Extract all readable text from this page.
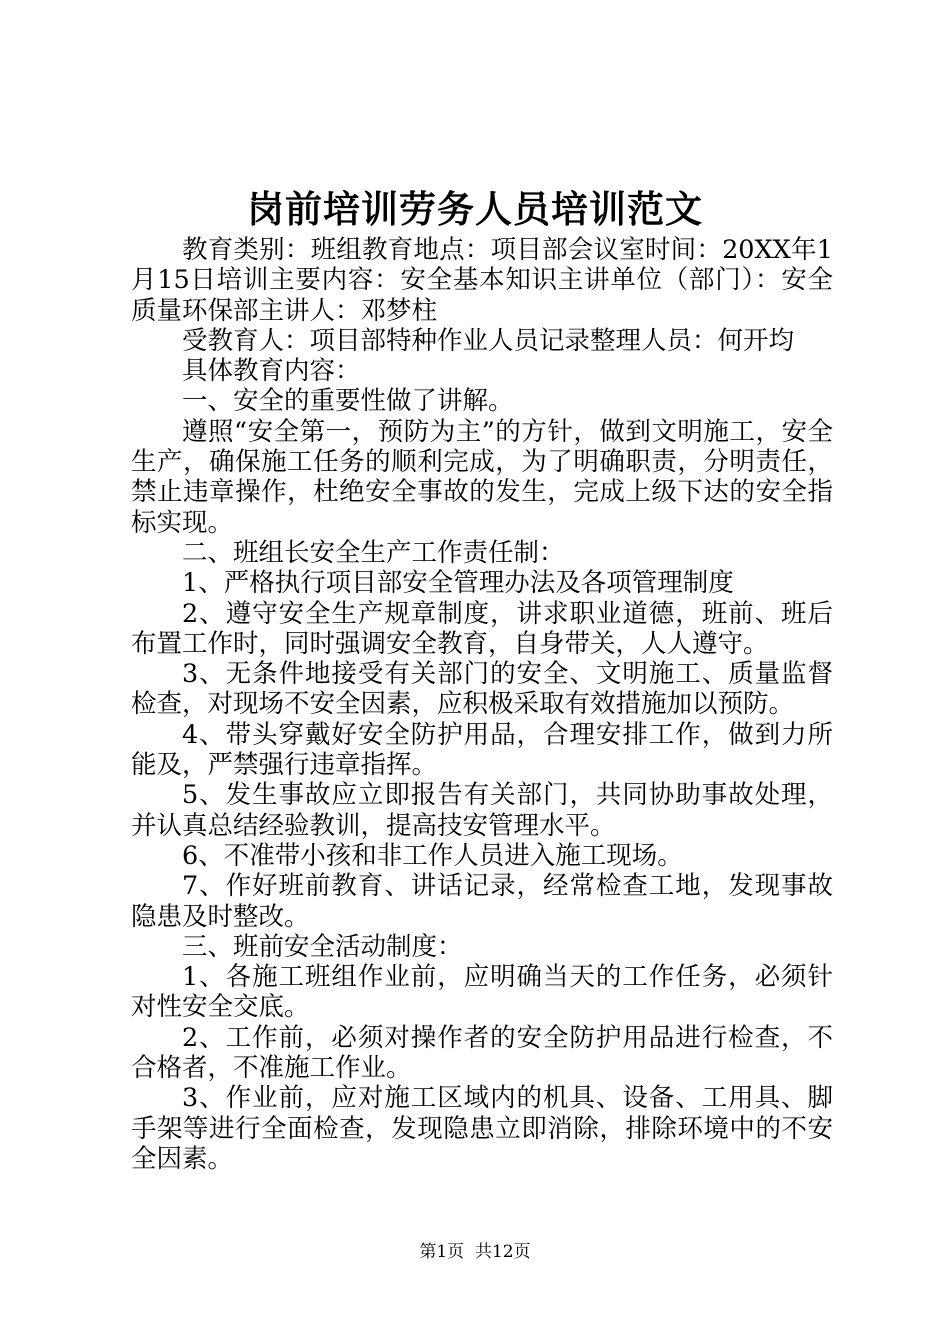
岗前培训劳务人员培训范文

教育类别：班组教育地点：项目部会议室时间：20XX年1月15日培训主要内容：安全基本知识主讲单位（部门）：安全质量环保部主讲人：邓梦柱

受教育人：项目部特种作业人员记录整理人员：何开均

具体教育内容：

一、安全的重要性做了讲解。

遵照“安全第一，预防为主”的方针，做到文明施工，安全生产，确保施工任务的顺利完成，为了明确职责，分明责任，禁止违章操作，杜绝安全事故的发生，完成上级下达的安全指标实现。

二、班组长安全生产工作责任制：

1、严格执行项目部安全管理办法及各项管理制度

2、遵守安全生产规章制度，讲求职业道德，班前、班后布置工作时，同时强调安全教育，自身带关，人人遵守。

3、无条件地接受有关部门的安全、文明施工、质量监督检查，对现场不安全因素，应积极采取有效措施加以预防。

4、带头穿戴好安全防护用品，合理安排工作，做到力所能及，严禁强行违章指挥。

5、发生事故应立即报告有关部门，共同协助事故处理，并认真总结经验教训，提高技安管理水平。

6、不准带小孩和非工作人员进入施工现场。

7、作好班前教育、讲话记录，经常检查工地，发现事故隐患及时整改。

三、班前安全活动制度：

1、各施工班组作业前，应明确当天的工作任务，必须针对性安全交底。

2、工作前，必须对操作者的安全防护用品进行检查，不合格者，不准施工作业。

3、作业前，应对施工区域内的机具、设备、工用具、脚手架等进行全面检查，发现隐患立即消除，排除环境中的不安全因素。

第1页  共12页
